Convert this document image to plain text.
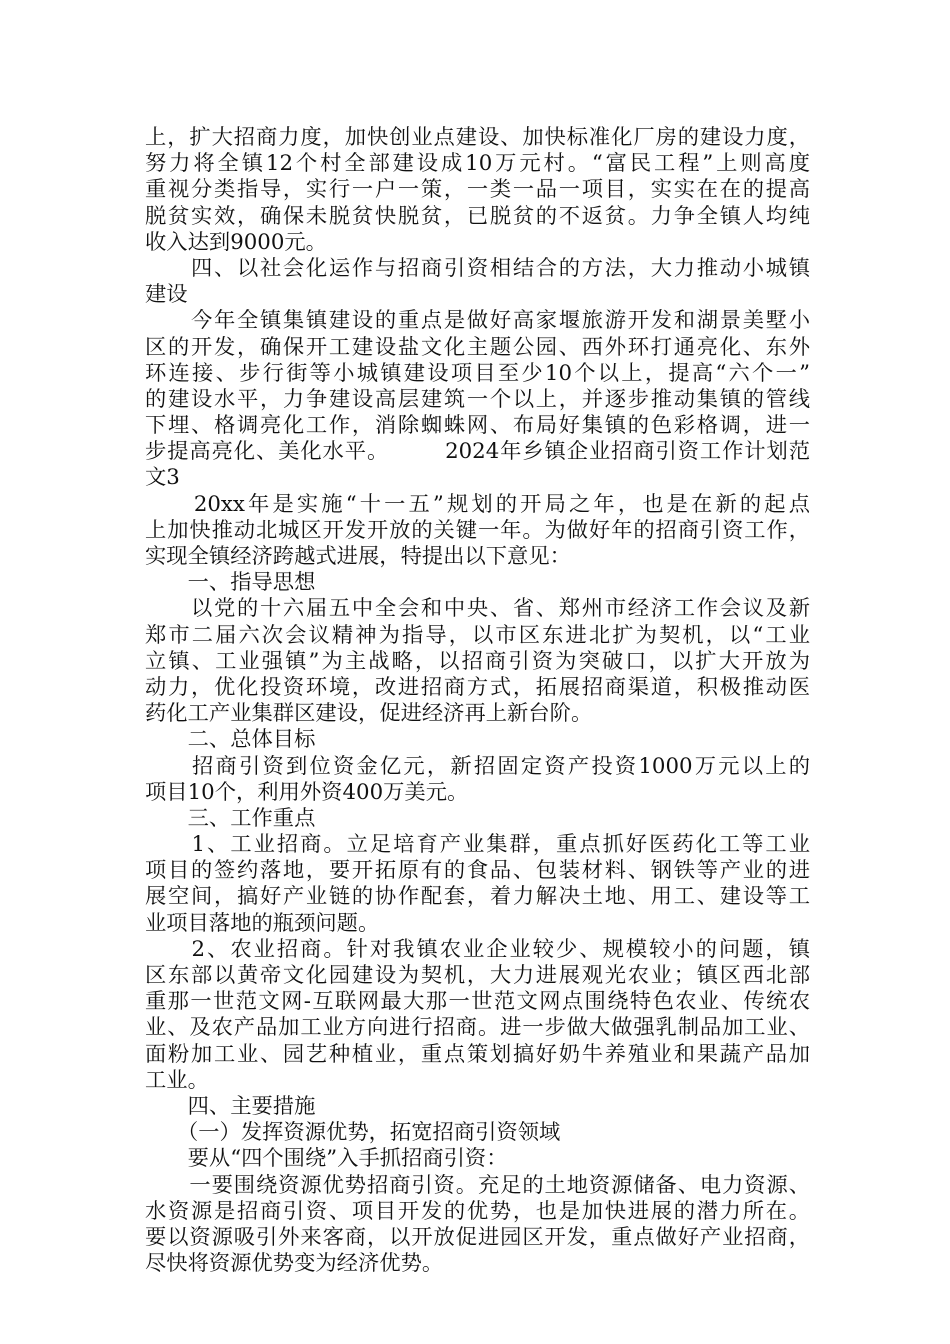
上，扩大招商力度，加快创业点建设、加快标准化厂房的建设力度，
努力将全镇12个村全部建设成10万元村。“富民工程”上则高度
重视分类指导，实行一户一策，一类一品一项目，实实在在的提高
脱贫实效，确保未脱贫快脱贫，已脱贫的不返贫。力争全镇人均纯
收入达到9000元。
　　四、以社会化运作与招商引资相结合的方法，大力推动小城镇
建设
　　今年全镇集镇建设的重点是做好高家堰旅游开发和湖景美墅小
区的开发，确保开工建设盐文化主题公园、西外环打通亮化、东外
环连接、步行街等小城镇建设项目至少10个以上，提高“六个一”
的建设水平，力争建设高层建筑一个以上，并逐步推动集镇的管线
下埋、格调亮化工作，消除蜘蛛网、布局好集镇的色彩格调，进一
步提高亮化、美化水平。　　　2024年乡镇企业招商引资工作计划范
文3
　　20xx年是实施“十一五”规划的开局之年，也是在新的起点
上加快推动北城区开发开放的关键一年。为做好年的招商引资工作，
实现全镇经济跨越式进展，特提出以下意见：
　　一、指导思想
　　以党的十六届五中全会和中央、省、郑州市经济工作会议及新
郑市二届六次会议精神为指导，以市区东进北扩为契机，以“工业
立镇、工业强镇”为主战略，以招商引资为突破口，以扩大开放为
动力，优化投资环境，改进招商方式，拓展招商渠道，积极推动医
药化工产业集群区建设，促进经济再上新台阶。
　　二、总体目标
　　招商引资到位资金亿元，新招固定资产投资1000万元以上的
项目10个，利用外资400万美元。
　　三、工作重点
　　1、工业招商。立足培育产业集群，重点抓好医药化工等工业
项目的签约落地，要开拓原有的食品、包装材料、钢铁等产业的进
展空间，搞好产业链的协作配套，着力解决土地、用工、建设等工
业项目落地的瓶颈问题。
　　2、农业招商。针对我镇农业企业较少、规模较小的问题，镇
区东部以黄帝文化园建设为契机，大力进展观光农业；镇区西北部
重那一世范文网-互联网最大那一世范文网点围绕特色农业、传统农
业、及农产品加工业方向进行招商。进一步做大做强乳制品加工业、
面粉加工业、园艺种植业，重点策划搞好奶牛养殖业和果蔬产品加
工业。
　　四、主要措施
　　（一）发挥资源优势，拓宽招商引资领域
　　要从“四个围绕”入手抓招商引资：
　　一要围绕资源优势招商引资。充足的土地资源储备、电力资源、
水资源是招商引资、项目开发的优势，也是加快进展的潜力所在。
要以资源吸引外来客商，以开放促进园区开发，重点做好产业招商，
尽快将资源优势变为经济优势。
